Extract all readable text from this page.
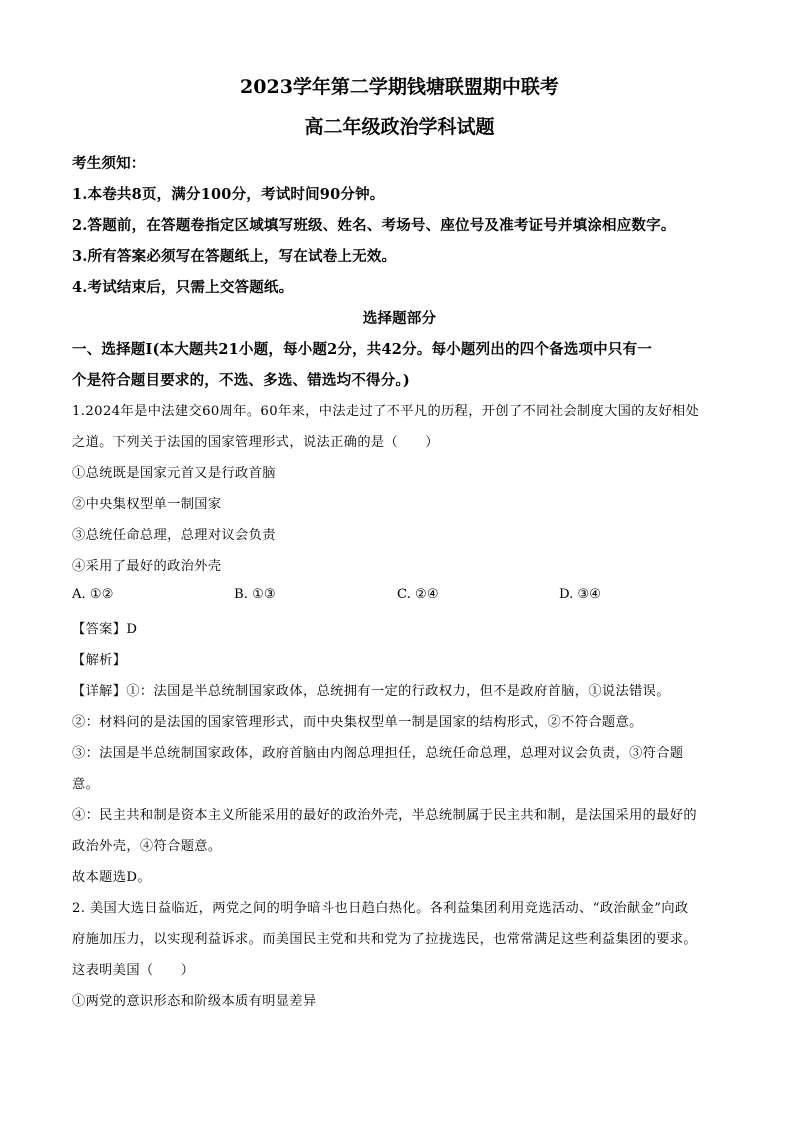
2023学年第二学期钱塘联盟期中联考
高二年级政治学科试题
考生须知：
1.本卷共8页，满分100分，考试时间90分钟。
2.答题前，在答题卷指定区域填写班级、姓名、考场号、座位号及准考证号并填涂相应数字。
3.所有答案必须写在答题纸上，写在试卷上无效。
4.考试结束后，只需上交答题纸。
选择题部分
一、选择题Ⅰ(本大题共21小题，每小题2分，共42分。每小题列出的四个备选项中只有一
个是符合题目要求的，不选、多选、错选均不得分。)
1.2024年是中法建交60周年。60年来，中法走过了不平凡的历程，开创了不同社会制度大国的友好相处
之道。下列关于法国的国家管理形式，说法正确的是（　　）
①总统既是国家元首又是行政首脑
②中央集权型单一制国家
③总统任命总理，总理对议会负责
④采用了最好的政治外壳
A. ①②	B. ①③	C. ②④	D. ③④
【答案】D
【解析】
【详解】①：法国是半总统制国家政体，总统拥有一定的行政权力，但不是政府首脑，①说法错误。
②：材料问的是法国的国家管理形式，而中央集权型单一制是国家的结构形式，②不符合题意。
③：法国是半总统制国家政体，政府首脑由内阁总理担任，总统任命总理，总理对议会负责，③符合题
意。
④：民主共和制是资本主义所能采用的最好的政治外壳，半总统制属于民主共和制，是法国采用的最好的
政治外壳，④符合题意。
故本题选D。
2. 美国大选日益临近，两党之间的明争暗斗也日趋白热化。各利益集团利用竞选活动、“政治献金”向政
府施加压力，以实现利益诉求。而美国民主党和共和党为了拉拢选民，也常常满足这些利益集团的要求。
这表明美国（　　）
①两党的意识形态和阶级本质有明显差异
